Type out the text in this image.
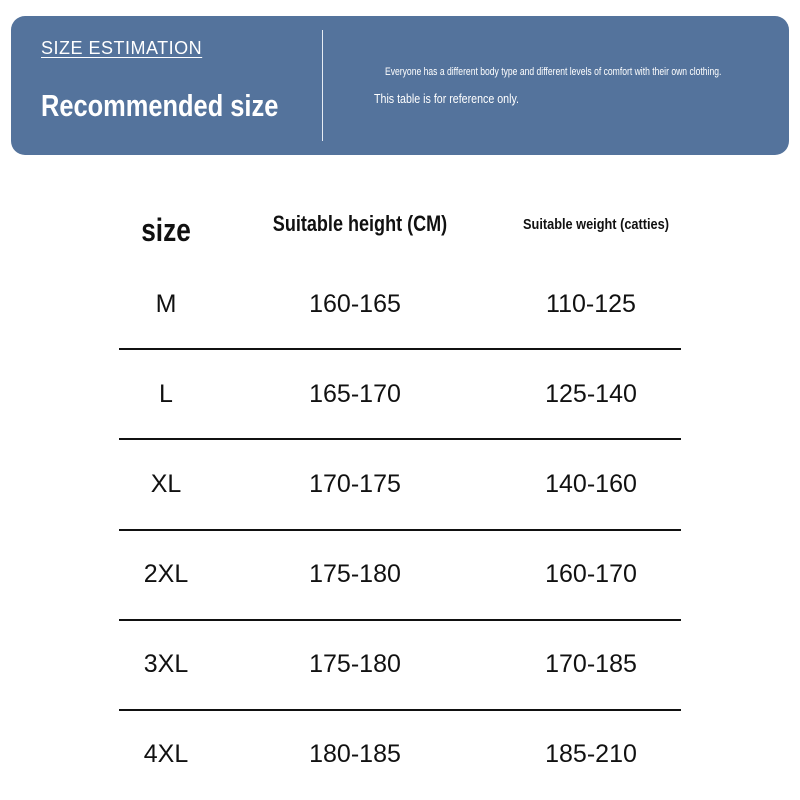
SIZE ESTIMATION
Recommended size
Everyone has a different body type and different levels of comfort with their own clothing.
This table is for reference only.
size	Suitable height (CM)	Suitable weight (catties)
M	160-165	110-125
L	165-170	125-140
XL	170-175	140-160
2XL	175-180	160-170
3XL	175-180	170-185
4XL	180-185	185-210
